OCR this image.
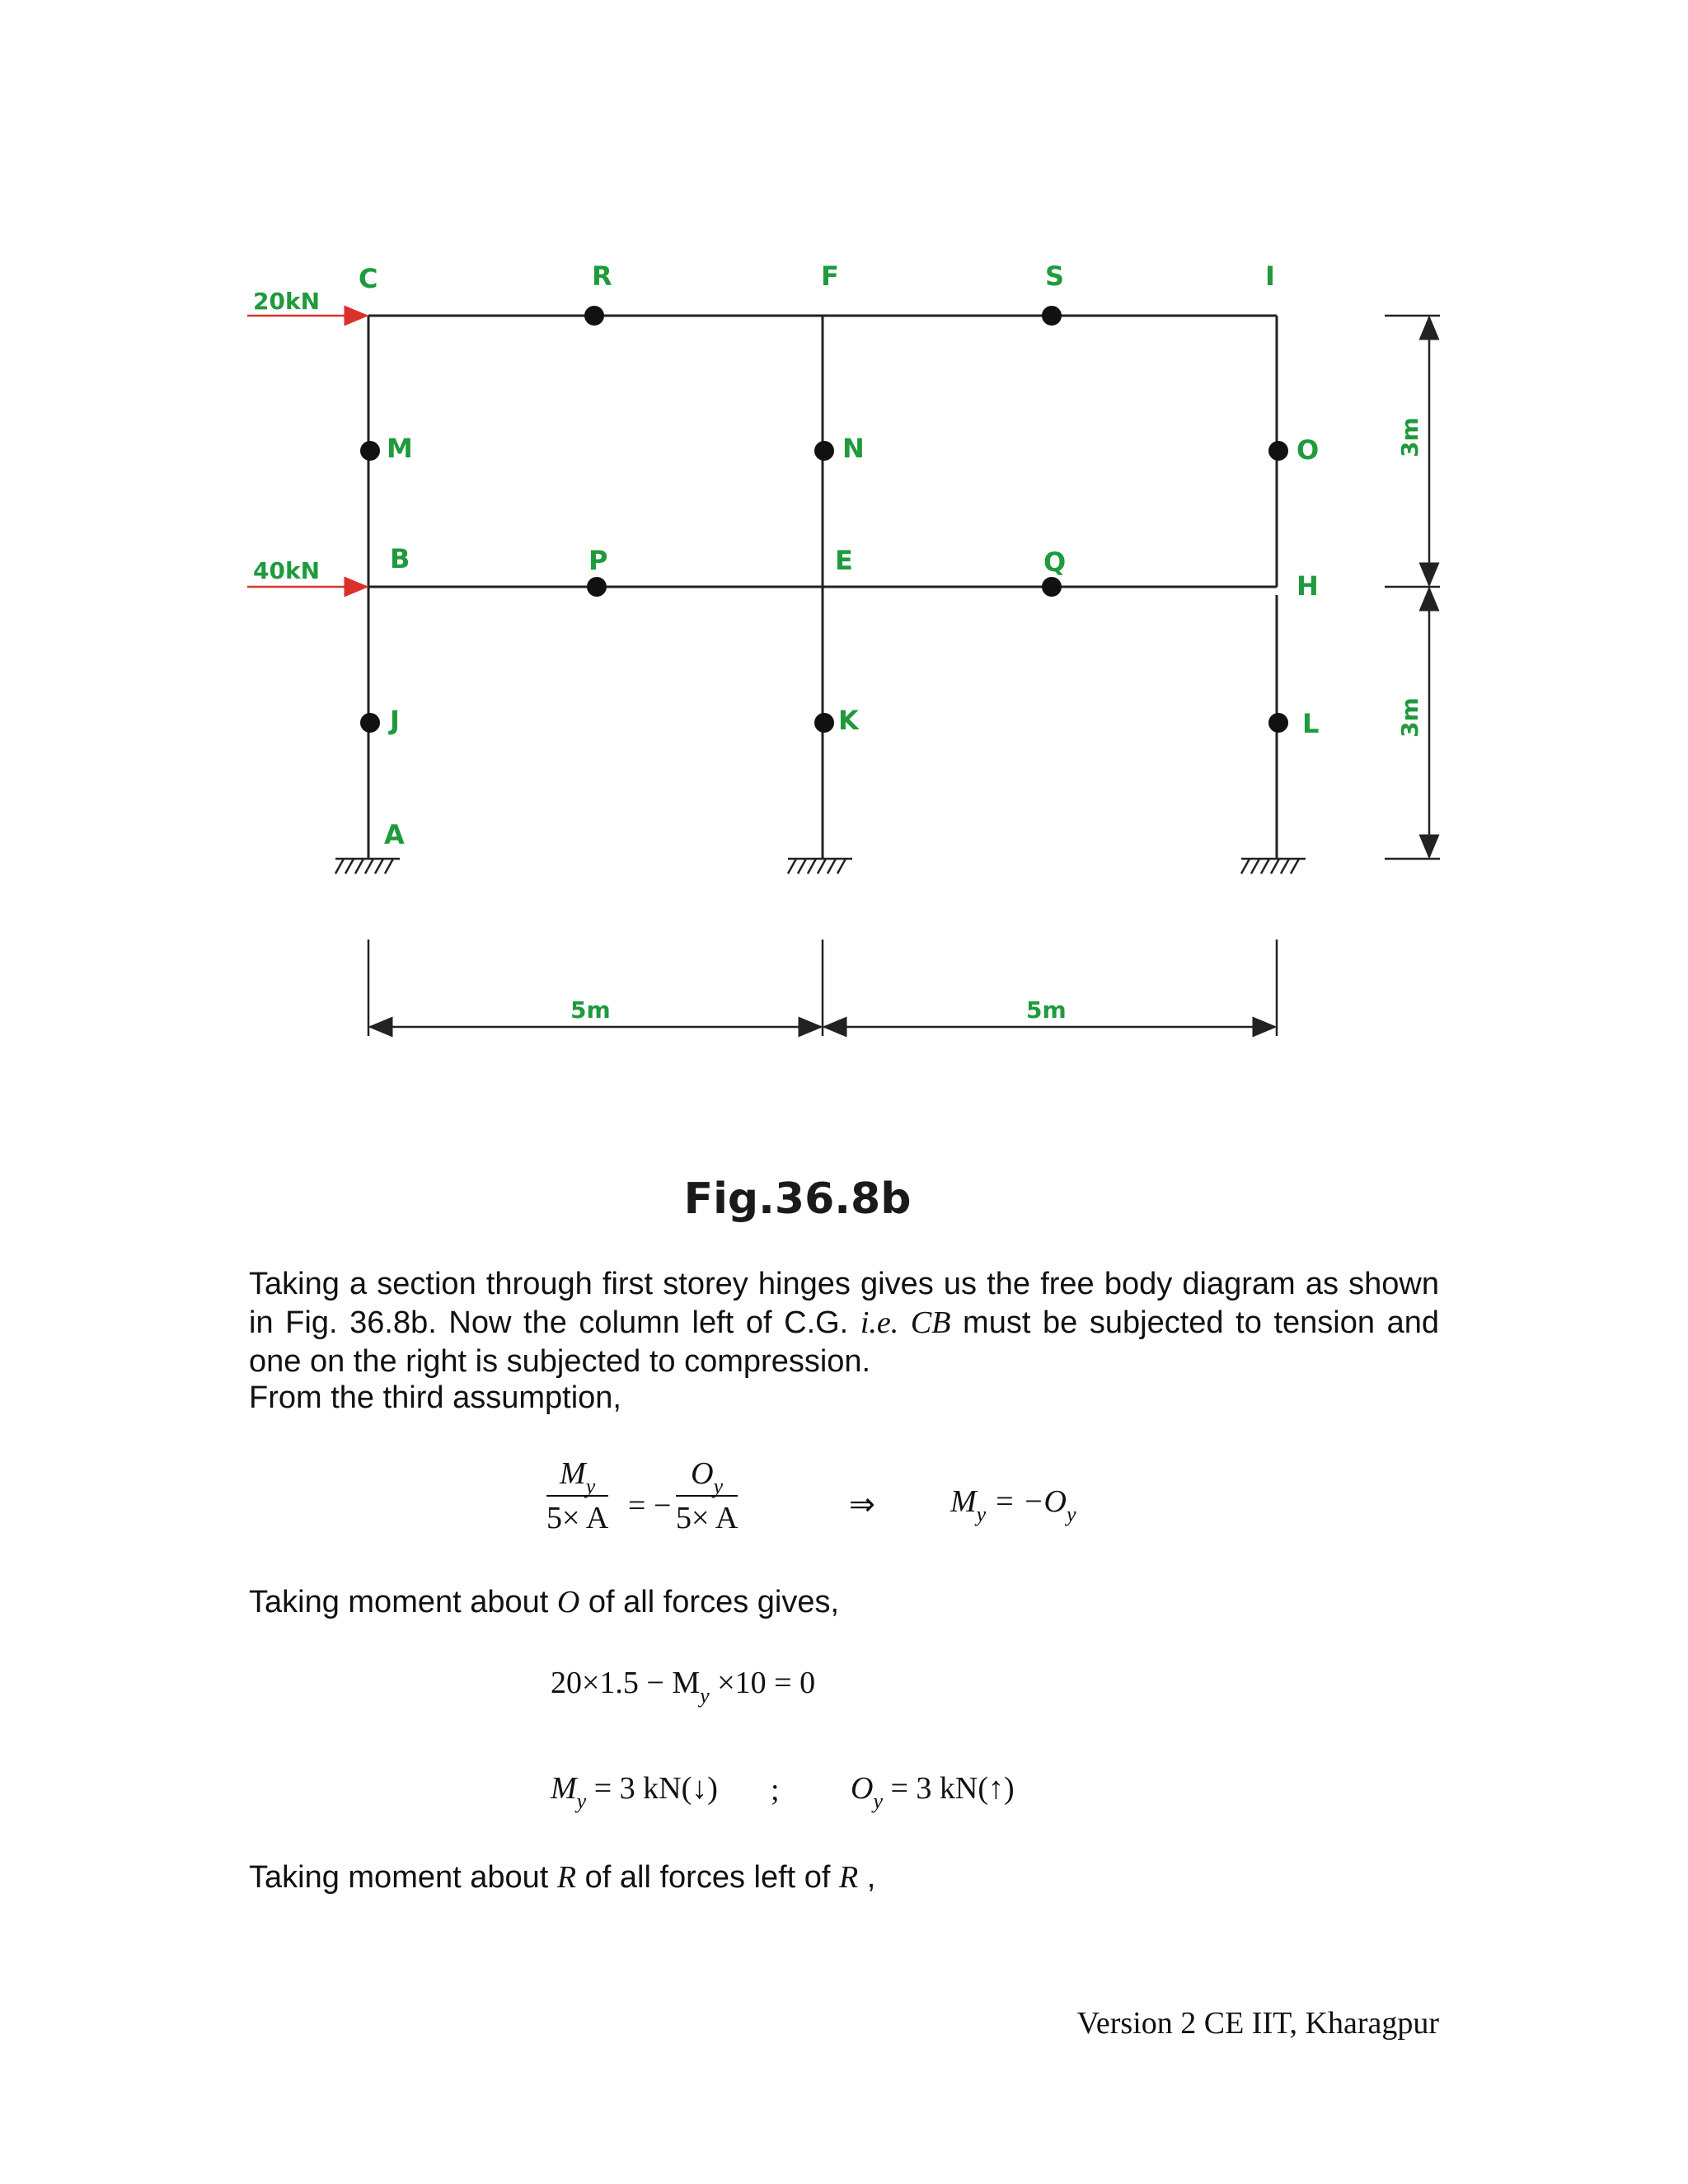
C	R	F	S	I
M	N	O
B	P	E	Q
H
J	K	L
A
20kN
40kN
5m	5m
3m
3m
Fig.36.8b

Taking a section through first storey hinges gives us the free body diagram as shown in Fig. 36.8b. Now the column left of C.G. i.e. CB must be subjected to tension and one on the right is subjected to compression.

From the third assumption,

$\frac{M_y}{5\times A}$ = − $\frac{O_y}{5\times A}$	⇒ $M_y = -O_y$

Taking moment about O of all forces gives,

$20\times 1.5 - M_y \times 10 = 0$
$M_y = 3$ kN(↓) ; $O_y = 3$ kN(↑)

Taking moment about R of all forces left of R ,

Version 2 CE IIT, Kharagpur
